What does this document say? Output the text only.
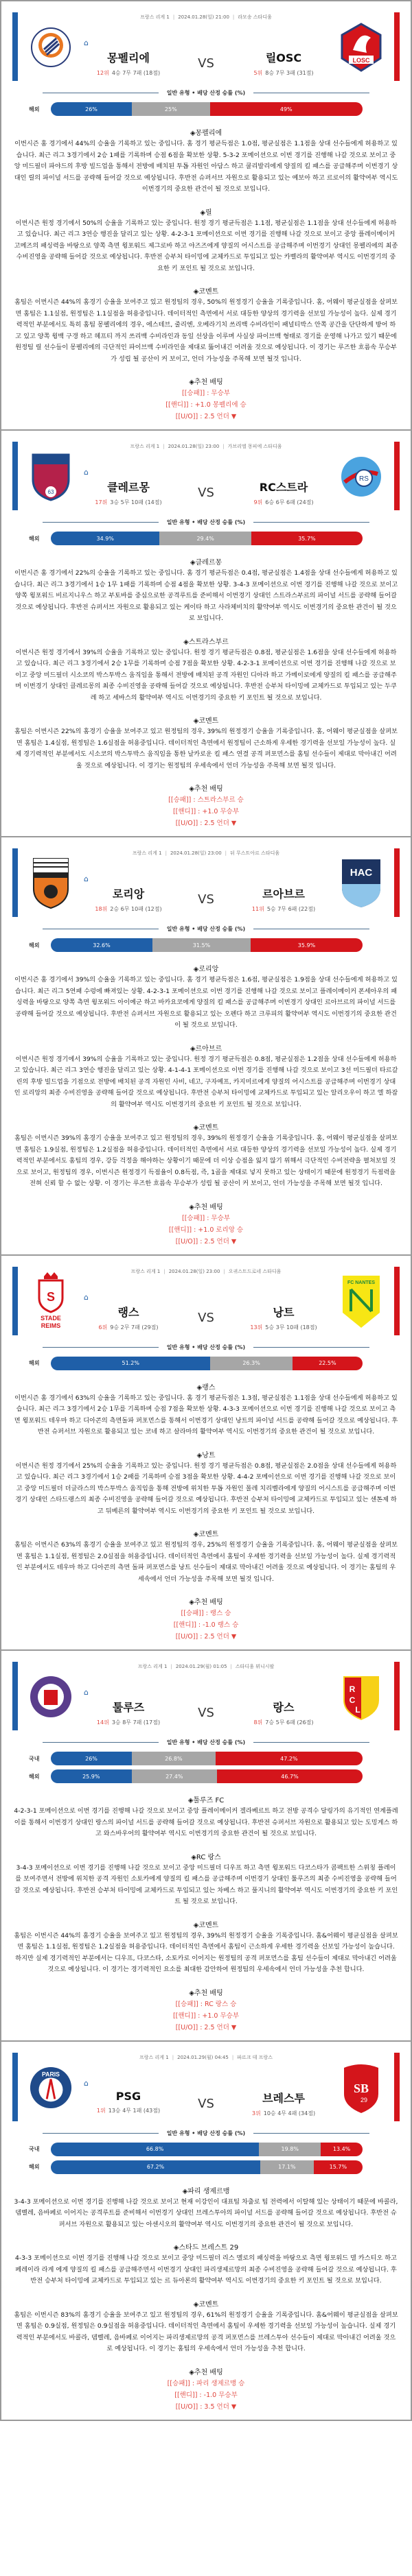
프랑스 리게 1 | 2024.01.28(일) 21:00 | 라모송 스타디움
⌂
몽펠리에
12위 4승 7무 7패 (18점)
VS	릴OSC
5위 8승 7무 3패 (31점)
LOSC
일반 유형 • 배당 산정 승률 (%)
해외	26%	25%	49%
◈몽펠리에

이번시즌 홈 경기에서 44%의 승율을 기록하고 있는 중입니다. 홈 경기 평균득점은 1.0점, 평균실점은 1.1점을 상대 선수들에게 허용하고 있습니다. 최근 리그 3경기에서 2승 1패를 기록하며 승점 6점을 확보한 상황. 5-3-2 포메이션으로 이번 경기를 진행해 나갈 것으로 보이고 중앙 미드필더 파야드의 후방 빌드업을 통해서 전방에 배치된 투톱 자원인 아담스 하고 쿨리발리에게 양질의 킬 패스를 공급해주며 이번경기 상대인 릴의 파이널 서드를 공략해 들어갈 것으로 예상됩니다. 후반전 슈퍼서브 자원으로 활용되고 있는 예보아 하고 르로이의 활약여부 역시도 이번경기의 중요한 관건이 될 것으로 보입니다.

◈릴

이번시즌 원정 경기에서 50%의 승율을 기록하고 있는 중입니다. 원정 경기 평균득점은 1.1점, 평균실점은 1.1점을 상대 선수들에게 허용하고 있습니다. 최근 리그 3연승 행진을 달리고 있는 상황. 4-2-3-1 포메이션으로 이번 경기를 진행해 나갈 것으로 보이고 중앙 플레이메이커 고메즈의 패싱력을 바탕으로 양쪽 측면 윙포워드 제그로바 하고 야즈즈에게 양질의 어시스트를 공급해주며 이번경기 상대인 몽펠리에의 최종 수비진영을 공략해 들어갈 것으로 예상됩니다. 후반전 승부처 타이밍에 교체카드로 투입되고 있는 카벨라의 활약여부 역시도 이번경기의 중요한 키 포인트 될 것으로 보입니다.

◈코멘트

홈팀은 이번시즌 44%의 홈경기 승율을 보여주고 있고 원정팀의 경우, 50%의 원정경기 승율을 기록중입니다. 홈, 어웨이 평균실점을 살펴보면 홈팀은 1.1실점, 원정팀은 1.1실점을 허용중입니다. 데이터적인 측면에서 서로 대등한 양상의 경기력을 선보일 가능성이 높다. 실제 경기력적인 부분에서도 특히 홈팀 몽펠리에의 경우, 에스테브, 줄리엔, 오베라기치 쓰리백 수비라인이 패널티박스 안쪽 공간을 단단하게 방어 하고 있고 양쪽 윙백 구갱 하고 헤프티 까지 쓰리백 수비라인과 동일 선상을 이루며 사실상 파이브백 형태로 경기를 운영해 나가고 있기 때문에 원정팀 릴 선수들이 몽펠리에의 극단적인 파이브백 수비라인을 제대로 뚫어내긴 어려울 것으로 예상됩니다. 이 경기는 루즈한 흐름속 무승부가 성립 될 공산이 커 보이고, 언더 가능성을 주목해 보면 될것 입니다.

◈추천 배팅
[[승패]] : 무승부
[[핸디]] : +1.0 몽펠리에 승
[[U/O]] : 2.5 언더 ▼
프랑스 리게 1 | 2024.01.28(일) 23:00 | 가브리엘 몽피에 스타디움
63
⌂
클레르몽
17위 3승 5무 10패 (14점)
VS	RC스트라
9위 6승 6무 6패 (24점)
RS
일반 유형 • 배당 산정 승률 (%)
해외	34.9%	29.4%	35.7%
◈클레르몽

이번시즌 홈 경기에서 22%의 승율을 기록하고 있는 중입니다. 홈 경기 평균득점은 0.4점, 평균실점은 1.4점을 상대 선수들에게 허용하고 있습니다. 최근 리그 3경기에서 1승 1무 1패를 기록하며 승점 4점을 확보한 상황. 3-4-3 포메이션으로 이번 경기를 진행해 나갈 것으로 보이고 양쪽 윙포워드 비르지니우스 하고 부토바를 중심으로한 공격루트를 준비해서 이번경기 상대인 스트라스부르의 파이널 서드를 공략해 들어갈 것으로 예상됩니다. 후반전 슈퍼서브 자원으로 활용되고 있는 케이타 하고 사라체비치의 활약여부 역시도 이번경기의 중요한 관건이 될 것으로 보입니다.

◈스트라스부르

이번시즌 원정 경기에서 39%의 승율을 기록하고 있는 중입니다. 원정 경기 평균득점은 0.8점, 평균실점은 1.6점을 상대 선수들에게 허용하고 있습니다. 최근 리그 3경기에서 2승 1무를 기록하며 승점 7점을 확보한 상황. 4-2-3-1 포메이션으로 이번 경기를 진행해 나갈 것으로 보이고 중앙 미드필더 시소코의 박스투박스 움직임을 통해서 전방에 배치된 공격 자원인 디아라 하고 가메이로에게 양질의 킬 패스를 공급해주며 이번경기 상대인 클레르몽의 최종 수비진영을 공략해 들어갈 것으로 예상됩니다. 후반전 승부처 타이밍에 교체카드로 투입되고 있는 두쿠레 하고 세바스의 활약여부 역시도 이번경기의 중요한 키 포인트 될 것으로 보입니다.

◈코멘트

홈팀은 이번시즌 22%의 홈경기 승율을 보여주고 있고 원정팀의 경우, 39%의 원정경기 승율을 기록중입니다. 홈, 어웨이 평균실점을 살펴보면 홈팀은 1.4실점, 원정팀은 1.6실점을 허용중입니다. 데이터적인 측면에서 원정팀이 근소하게 우세한 경기력을 선보일 가능성이 높다. 실제 경기력적인 부분에서도 시소코의 박스투박스 움직임을 통한 날카로운 킬 패스 연결 공격 퍼포먼스를 홈팀 선수들이 제대로 막아내긴 어려울 것으로 예상됩니다. 이 경기는 원정팀의 우세속에서 언더 가능성을 주목해 보면 될것 입니다.

◈추천 배팅
[[승패]] : 스트라스부르 승
[[핸디]] : +1.0 무승부
[[U/O]] : 2.5 언더 ▼
프랑스 리게 1 | 2024.01.28(일) 23:00 | 뒤 무스트아르 스타디움
⌂
로리앙
18위 2승 6무 10패 (12점)
VS	르아브르
11위 5승 7무 6패 (22점)
HAC
일반 유형 • 배당 산정 승률 (%)
해외	32.6%	31.5%	35.9%
◈로리앙

이번시즌 홈 경기에서 39%의 승율을 기록하고 있는 중입니다. 홈 경기 평균득점은 1.6점, 평균실점은 1.9점을 상대 선수들에게 허용하고 있습니다. 최근 리그 5연패 수렁에 빠져있는 상황. 4-2-3-1 포메이션으로 이번 경기를 진행해 나갈 것으로 보이고 플레이메이커 폰세아우의 패싱력을 바탕으로 양쪽 측면 윙포워드 아이예군 하고 바카요코에게 양질의 킬 패스를 공급해주며 이번경기 상대인 르아브르의 파이널 서드를 공략해 들어갈 것으로 예상됩니다. 후반전 슈퍼서브 자원으로 활용되고 있는 오펜다 하고 크루피의 활약여부 역시도 이번경기의 중요한 관건이 될 것으로 보입니다.

◈르아브르

이번시즌 원정 경기에서 39%의 승율을 기록하고 있는 중입니다. 원정 경기 평균득점은 0.8점, 평균실점은 1.2점을 상대 선수들에게 허용하고 있습니다. 최근 리그 3연승 행진을 달리고 있는 상황. 4-1-4-1 포메이션으로 이번 경기를 진행해 나갈 것으로 보이고 3선 미드필더 타르갈린의 후방 빌드업을 기점으로 전방에 배치된 공격 자원인 사비, 네고, 구자예프, 카지미르에게 양질의 어시스트를 공급해주며 이번경기 상대인 로리앙의 최종 수비진영을 공략해 들어갈 것으로 예상됩니다. 후반전 승부처 타이밍에 교체카드로 투입되고 있는 알리오우이 하고 엘 하잠의 활약여부 역시도 이번경기의 중요한 키 포인트 될 것으로 보입니다.

◈코멘트

홈팀은 이번시즌 39%의 홈경기 승율을 보여주고 있고 원정팀의 경우, 39%의 원정경기 승율을 기록중입니다. 홈, 어웨이 평균실점을 살펴보면 홈팀은 1.9실점, 원정팀은 1.2실점을 허용중입니다. 데이터적인 측면에서 서로 대등한 양상의 경기력을 선보일 가능성이 높다. 실제 경기력적인 부분에서도 홈팀의 경우, 강등 걱정을 해야하는 상황이기 때문에 더 이상 승점을 잃지 않기 위해서 극단적인 수비전략을 펼쳐보일 것으로 보이고, 원정팀의 경우, 이번시즌 원정경기 득점율이 0.8득점, 즉, 1골을 제대로 넣지 못하고 있는 상태이기 때문에 원정경기 득점력을 전혀 신뢰 할 수 없는 상황. 이 경기는 루즈한 흐름속 무승부가 성립 될 공산이 커 보이고, 언더 가능성을 주목해 보면 될것 입니다.

◈추천 배팅
[[승패]] : 무승부
[[핸디]] : +1.0 로리앙 승
[[U/O]] : 2.5 언더 ▼
프랑스 리게 1 | 2024.01.28(일) 23:00 | 오귀스트드로네 스타디움
S
STADE
REIMS
⌂
랭스
6위 9승 2무 7패 (29점)
VS	낭트
13위 5승 3무 10패 (18점)
FC NANTES
일반 유형 • 배당 산정 승률 (%)
해외	51.2%	26.3%	22.5%
◈랭스

이번시즌 홈 경기에서 63%의 승율을 기록하고 있는 중입니다. 홈 경기 평균득점은 1.3점, 평균실점은 1.1점을 상대 선수들에게 허용하고 있습니다. 최근 리그 3경기에서 2승 1무를 기록하며 승점 7점을 확보한 상황. 4-3-3 포메이션으로 이번 경기를 진행해 나갈 것으로 보이고 측면 윙포워드 테우마 하고 디아콘의 측면돌파 퍼포먼스를 통해서 이번경기 상대인 낭트의 파이널 서드를 공략해 들어갈 것으로 예상됩니다. 후반전 슈퍼서브 자원으로 활용되고 있는 코네 하고 살라마의 활약여부 역시도 이번경기의 중요한 관건이 될 것으로 보입니다.

◈낭트

이번시즌 원정 경기에서 25%의 승율을 기록하고 있는 중입니다. 원정 경기 평균득점은 0.8점, 평균실점은 2.0점을 상대 선수들에게 허용하고 있습니다. 최근 리그 3경기에서 1승 2패를 기록하며 승점 3점을 확보한 상황. 4-4-2 포메이션으로 이번 경기를 진행해 나갈 것으로 보이고 중앙 미드필더 더글라스의 박스투박스 움직임을 통해 전방에 위치한 투톱 자원인 몰레 치리벨라에게 양질의 어시스트를 공급해주며 이번경기 상대인 스타드랭스의 최종 수비진영을 공략해 들어갈 것으로 예상됩니다. 후반전 승부처 타이밍에 교체카드로 투입되고 있는 센톤제 하고 뒤베른의 활약여부 역시도 이번경기의 중요한 키 포인트 될 것으로 보입니다.

◈코멘트

홈팀은 이번시즌 63%의 홈경기 승율을 보여주고 있고 원정팀의 경우, 25%의 원정경기 승율을 기록중입니다. 홈, 어웨이 평균실점을 살펴보면 홈팀은 1.1실점, 원정팀은 2.0실점을 허용중입니다. 데이터적인 측면에서 홈팀이 우세한 경기력을 선보일 가능성이 높다. 실제 경기력적인 부분에서도 테우마 하고 디아콘의 측면 돌파 퍼포먼스를 낭트 선수들이 제대로 막아내긴 어려울 것으로 예상됩니다. 이 경기는 홈팀의 우세속에서 언더 가능성을 주목해 보면 될것 입니다.

◈추천 배팅
[[승패]] : 랭스 승
[[핸디]] : -1.0 랭스 승
[[U/O]] : 2.5 언더 ▼
프랑스 리게 1 | 2024.01.29(월) 01:05 | 스타디움 뮈니시팔
⌂
툴루즈
14위 3승 8무 7패 (17점)
VS	랑스
8위 7승 5무 6패 (26점)
R
C
L
일반 유형 • 배당 산정 승률 (%)
국내	26%	26.8%	47.2%
해외	25.9%	27.4%	46.7%
◈툴루즈 FC

4-2-3-1 포메이션으로 이번 경기를 진행해 나갈 것으로 보이고 중앙 플레이메이커 겔라베르트 하고 전방 공격수 달링가의 유기적인 연계플레이를 통해서 이번경기 상대인 랑스의 파이널 서드를 공략해 들어갈 것으로 예상됩니다. 후반전 슈퍼서브 자원으로 활용되고 있는 도밍게스 하고 와스바우어의 활약여부 역시도 이번경기의 중요한 관건이 될 것으로 보입니다.

◈RC 랑스

3-4-3 포메이션으로 이번 경기를 진행해 나갈 것으로 보이고 중앙 미드필더 디우프 하고 측면 윙포워드 다코스타가 콤팩트한 스위칭 플레이를 보여주면서 전방에 위치한 공격 자원인 소토카에게 양질의 킬 패스를 공급해주며 이번경기 상대인 툴루즈의 최종 수비진영을 공략해 들어갈 것으로 예상됩니다. 후반전 승부처 타이밍에 교체카드로 투입되고 있는 차베스 하고 풀지니의 활약여부 역시도 이번경기의 중요한 키 포인트 될 것으로 보입니다.

◈코멘트

홈팀은 이번시즌 44%의 홈경기 승율을 보여주고 있고 원정팀의 경우, 39%의 원정경기 승율을 기록중입니다. 홈&어웨이 평균실점을 살펴보면 홈팀은 1.1실점, 원정팀은 1.2실점을 허용중입니다. 데이터적인 측면에서 홈팀이 근소하게 우세한 경기력을 선보일 가능성이 높습니다. 하지만 실제 경기력적인 부분에서는 디우프, 다코스타, 소토카로 이어지는 원정팀의 공격 퍼포먼스를 홈팀 선수들이 제대로 막아내긴 어려울 것으로 예상됩니다. 이 경기는 경기력적인 요소를 최대한 감안하여 원정팀의 우세속에서 언더 가능성을 추천 합니다.

◈추천 배팅
[[승패]] : RC 랑스 승
[[핸디]] : +1.0 무승부
[[U/O]] : 2.5 언더 ▼
프랑스 리게 1 | 2024.01.29(월) 04:45 | 파르크 데 프랑스
PARIS
⌂
PSG
1위 13승 4무 1패 (43점)	VS	브레스투
3위 10승 4무 4패 (34점)
SB
29
일반 유형 • 배당 산정 승률 (%)
국내	66.8%	19.8%	13.4%
해외	67.2%	17.1%	15.7%
◈파리 생제르맹

3-4-3 포메이션으로 이번 경기를 진행해 나갈 것으로 보이고 현재 이강인이 대표팀 차출로 팀 전력에서 이탈해 있는 상태이기 때문에 바콜라, 뎀벨레, 음바페로 이어지는 공격루트를 준비해서 이번경기 상대인 브레스투아의 파이널 서드를 공략해 들어갈 것으로 예상됩니다. 후반전 슈퍼서브 자원으로 활용되고 있는 아센시오의 활약여부 역시도 이번경기의 중요한 관건이 될 것으로 보입니다.

◈스타드 브레스트 29

4-3-3 포메이션으로 이번 경기를 진행해 나갈 것으로 보이고 중앙 미드필더 리스 멜로의 패싱력을 바탕으로 측면 윙포워드 델 카스티오 하고 페레이라 라게 에게 양질의 킬 패스를 공급해주면서 이번경기 상대인 파리생제르망의 최종 수비진영을 공략해 들어갈 것으로 예상됩니다. 후반전 승부처 타이밍에 교체카드로 투입되고 있는 르 듀아론의 활약여부 역시도 이번경기의 중요한 키 포인트 될 것으로 보입니다.

◈코멘트

홈팀은 이번시즌 83%의 홈경기 승율을 보여주고 있고 원정팀의 경우, 61%의 원정경기 승율을 기록중입니다. 홈&어웨이 평균실점을 살펴보면 홈팀은 0.9실점, 원정팀은 0.9실점을 허용중입니다. 데이터적인 측면에서 홈팀이 우세한 경기력을 선보일 가능성이 높습니다. 실제 경기력적인 부분에서도 바콜라, 뎀벨레, 음바페로 이어지는 파리생제르망의 공격 퍼포먼스를 브레스투아 선수들이 제대로 막아내긴 어려울 것으로 예상됩니다. 이 경기는 홈팀의 우세속에서 언더 가능성을 추천 합니다.

◈추천 배팅
[[승패]] : 파리 생제르맹 승
[[핸디]] : -1.0 무승부
[[U/O]] : 3.5 언더 ▼
